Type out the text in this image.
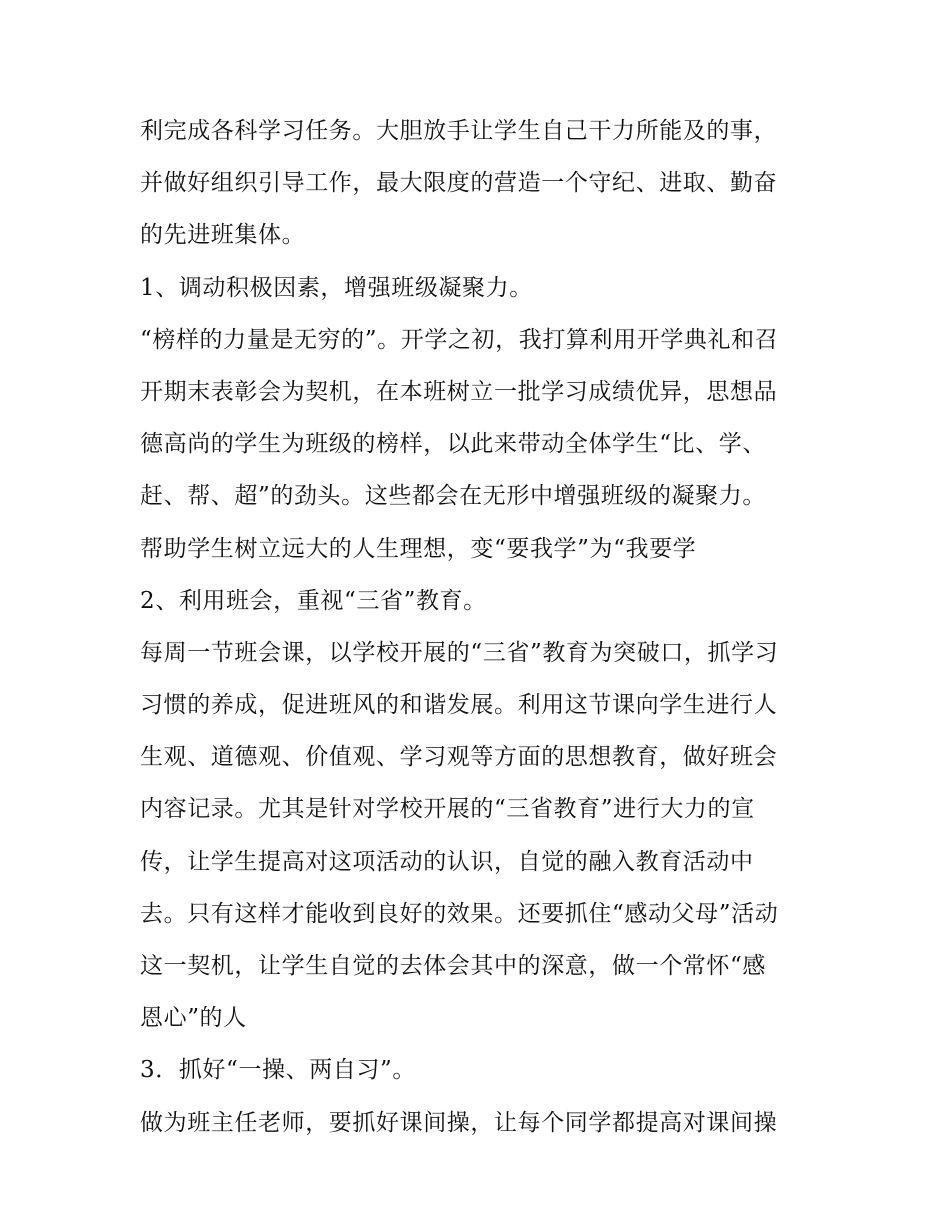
利完成各科学习任务。大胆放手让学生自己干力所能及的事，
并做好组织引导工作，最大限度的营造一个守纪、进取、勤奋
的先进班集体。
1、调动积极因素，增强班级凝聚力。
“榜样的力量是无穷的”。开学之初，我打算利用开学典礼和召
开期末表彰会为契机，在本班树立一批学习成绩优异，思想品
德高尚的学生为班级的榜样，以此来带动全体学生“比、学、
赶、帮、超”的劲头。这些都会在无形中增强班级的凝聚力。
帮助学生树立远大的人生理想，变“要我学”为“我要学
2、利用班会，重视“三省”教育。
每周一节班会课，以学校开展的“三省”教育为突破口，抓学习
习惯的养成，促进班风的和谐发展。利用这节课向学生进行人
生观、道德观、价值观、学习观等方面的思想教育，做好班会
内容记录。尤其是针对学校开展的“三省教育”进行大力的宣
传，让学生提高对这项活动的认识，自觉的融入教育活动中
去。只有这样才能收到良好的效果。还要抓住“感动父母”活动
这一契机，让学生自觉的去体会其中的深意，做一个常怀“感
恩心”的人
3．抓好“一操、两自习”。
做为班主任老师，要抓好课间操，让每个同学都提高对课间操
